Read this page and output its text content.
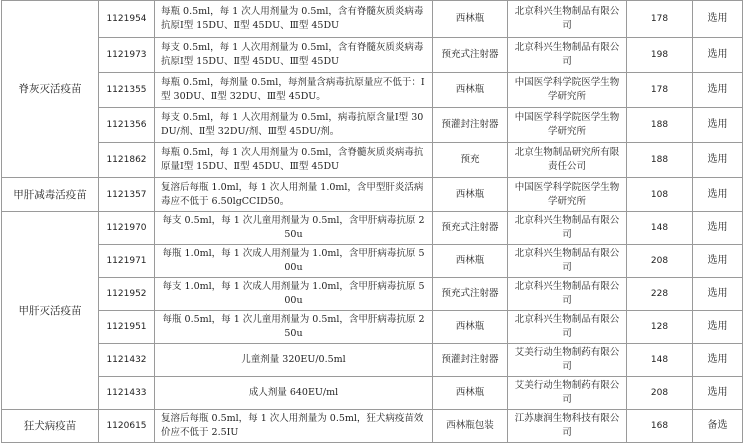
脊灰灭活疫苗	1121954	每瓶 0.5ml，每 1 次人用剂量为 0.5ml，含有脊髓灰质炎病毒抗原Ⅰ型 15DU、Ⅱ型 45DU、Ⅲ型 45DU	西林瓶	北京科兴生物制品有限公司	178	选用
	1121973	每支 0.5ml，每 1 人次用剂量为 0.5ml，含有脊髓灰质炎病毒抗原Ⅰ型 15DU、Ⅱ型 45DU、Ⅲ型 45DU	预充式注射器	北京科兴生物制品有限公司	198	选用
	1121355	每瓶 0.5ml，每剂量 0.5ml，每剂量含病毒抗原量应不低于：Ⅰ型 30DU、Ⅱ型 32DU、Ⅲ型 45DU。	西林瓶	中国医学科学院医学生物学研究所	178	选用
	1121356	每支 0.5ml，每 1 人次用剂量为 0.5ml，病毒抗原含量Ⅰ型 30DU/剂、Ⅱ型 32DU/剂、Ⅲ型 45DU/剂。	预灌封注射器	中国医学科学院医学生物学研究所	188	选用
	1121862	每瓶 0.5ml，每 1 次人用剂量为 0.5ml，含脊髓灰质炎病毒抗原量Ⅰ型 15DU、Ⅱ型 45DU、Ⅲ型 45DU	预充	北京生物制品研究所有限责任公司	188	选用
甲肝减毒活疫苗	1121357	复溶后每瓶 1.0ml，每 1 次人用剂量 1.0ml，含甲型肝炎活病毒应不低于 6.50lgCCID50。	西林瓶	中国医学科学院医学生物学研究所	108	选用
甲肝灭活疫苗	1121970	每支 0.5ml，每 1 次儿童用剂量为 0.5ml，含甲肝病毒抗原 250u	预充式注射器	北京科兴生物制品有限公司	148	选用
	1121971	每瓶 1.0ml，每 1 次成人用剂量为 1.0ml，含甲肝病毒抗原 500u	西林瓶	北京科兴生物制品有限公司	208	选用
	1121952	每支 1.0ml，每 1 次成人用剂量为 1.0ml，含甲肝病毒抗原 500u	预充式注射器	北京科兴生物制品有限公司	228	选用
	1121951	每瓶 0.5ml，每 1 次儿童用剂量为 0.5ml，含甲肝病毒抗原 250u	西林瓶	北京科兴生物制品有限公司	128	选用
	1121432	儿童剂量 320EU/0.5ml	预灌封注射器	艾美行动生物制药有限公司	148	选用
	1121433	成人剂量 640EU/ml	西林瓶	艾美行动生物制药有限公司	208	选用
狂犬病疫苗	1120615	复溶后每瓶 0.5ml，每 1 次人用剂量为 0.5ml，狂犬病疫苗效价应不低于 2.5IU	西林瓶包装	江苏康润生物科技有限公司	168	备选
